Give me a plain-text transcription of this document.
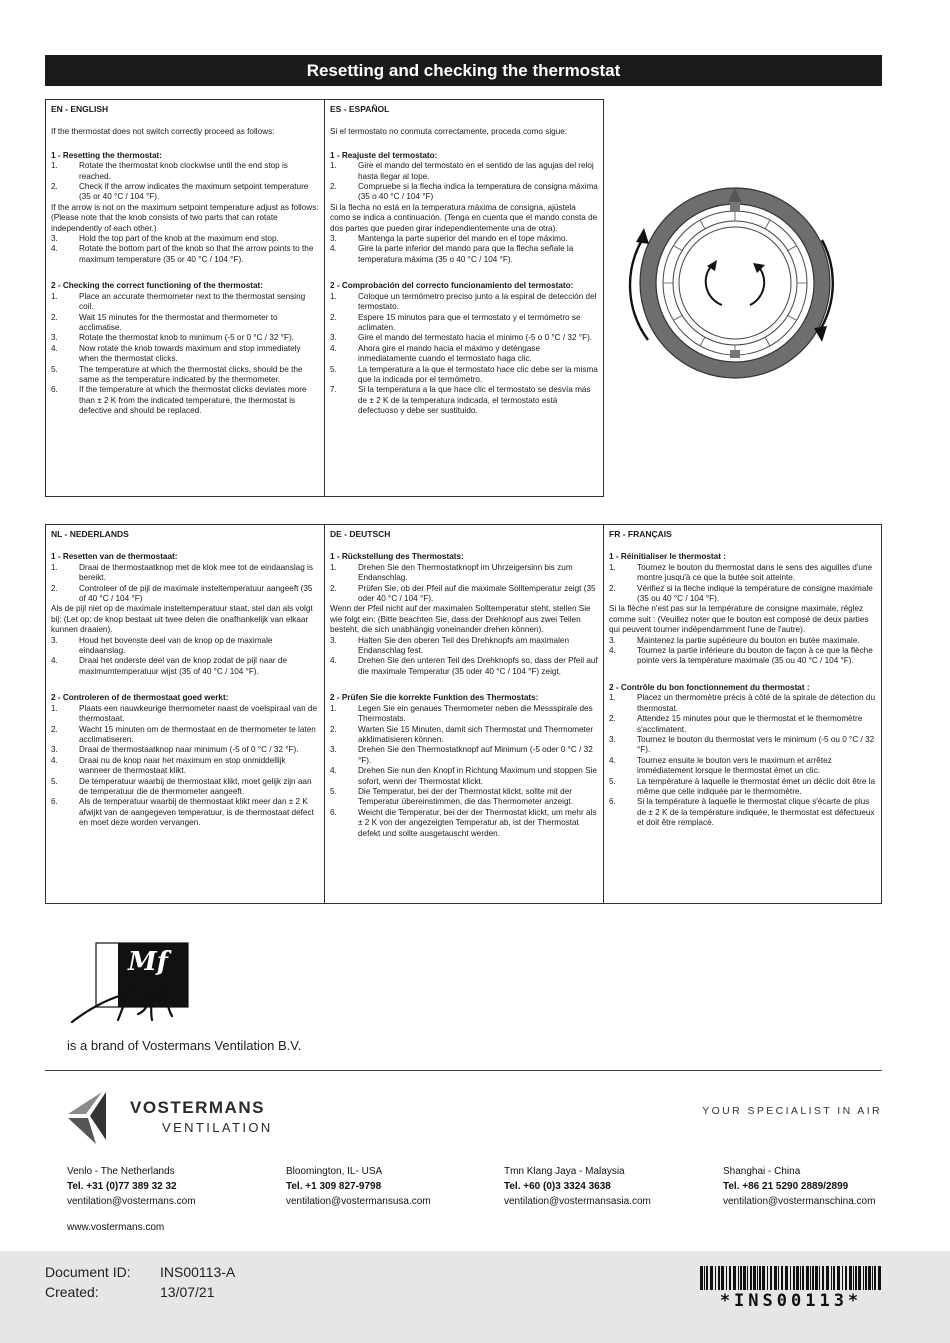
Resetting and checking the thermostat
EN - ENGLISH
If the thermostat does not switch correctly proceed as follows:
1 - Resetting the thermostat:
1.	Rotate the thermostat knob clockwise until the end stop is reached.
2.	Check if the arrow indicates the maximum setpoint temperature (35 or 40 °C / 104 °F).

If the arrow is not on the maximum setpoint temperature adjust as follows: (Please note that the knob consists of two parts that can rotate independently of each other.)

3.	Hold the top part of the knob at the maximum end stop.
4.	Rotate the bottom part of the knob so that the arrow points to the maximum temperature (35 or 40 °C / 104 °F).
2 - Checking the correct functioning of the thermostat:
1.	Place an accurate thermometer next to the thermostat sensing coil.
2.	Wait 15 minutes for the thermostat and thermometer to acclimatise.
3.	Rotate the thermostat knob to minimum (-5 or 0 °C / 32 °F).
4.	Now rotate the knob towards maximum and stop immediately when the thermostat clicks.
5.	The temperature at which the thermostat clicks, should be the same as the temperature indicated by the thermometer.
6.	If the temperature at which the thermostat clicks deviates more than ± 2 K from the indicated temperature, the thermostat is defective and should be replaced.
ES - ESPAÑOL
Si el termostato no conmuta correctamente, proceda como sigue:
1 - Reajuste del termostato:
1.	Gire el mando del termostato en el sentido de las agujas del reloj hasta llegar al tope.
2.	Compruebe si la flecha indica la temperatura de consigna máxima (35 o 40 °C / 104 °F)

Si la flecha no está en la temperatura máxima de consigna, ajústela como se indica a continuación. (Tenga en cuenta que el mando consta de dos partes que pueden girar independientemente una de otra).

3.	Mantenga la parte superior del mando en el tope máximo.
4.	Gire la parte inferior del mando para que la flecha señale la temperatura máxima (35 o 40 °C / 104 °F).
2 - Comprobación del correcto funcionamiento del termostato:
1.	Coloque un termómetro preciso junto a la espiral de detección del termostato.
2.	Espere 15 minutos para que el termostato y el termómetro se aclimaten.
3.	Gire el mando del termostato hacia el mínimo (-5 o 0 °C / 32 °F).
4.	Ahora gire el mando hacia el máximo y deténgase inmediatamente cuando el termostato haga clic.
5.	La temperatura a la que el termostato hace clic debe ser la misma que la indicada por el termómetro.
7.	Si la temperatura a la que hace clic el termostato se desvía más de ± 2 K de la temperatura indicada, el termostato está defectuoso y debe ser sustituido.
NL - NEDERLANDS
1 - Resetten van de thermostaat:
1.	Draai de thermostaatknop met de klok mee tot de eindaanslag is bereikt.
2.	Controleer of de pijl de maximale insteltemperatuur aangeeft (35 of 40 °C / 104 °F)

Als de pijl niet op de maximale insteltemperatuur staat, stel dan als volgt bij: (Let op: de knop bestaat uit twee delen die onafhankelijk van elkaar kunnen draaien).

3.	Houd het bovenste deel van de knop op de maximale eindaanslag.
4.	Draai het onderste deel van de knop zodat de pijl naar de maximumtemperatuur wijst (35 of 40 °C / 104 °F).
2 - Controleren of de thermostaat goed werkt:
1.	Plaats een nauwkeurige thermometer naast de voelspiraal van de thermostaat.
2.	Wacht 15 minuten om de thermostaat en de thermometer te laten acclimatiseren.
3.	Draai de thermostaatknop naar minimum (-5 of 0 °C / 32 °F).
4.	Draai nu de knop naar het maximum en stop onmiddellijk wanneer de thermostaat klikt.
5.	De temperatuur waarbij de thermostaat klikt, moet gelijk zijn aan de temperatuur die de thermometer aangeeft.
6.	Als de temperatuur waarbij de thermostaat klikt meer dan ± 2 K afwijkt van de aangegeven temperatuur, is de thermostaat defect en moet deze worden vervangen.
DE - DEUTSCH
1 - Rückstellung des Thermostats:
1.	Drehen Sie den Thermostatknopf im Uhrzeigersinn bis zum Endanschlag.
2.	Prüfen Sie, ob der Pfeil auf die maximale Solltemperatur zeigt (35 oder 40 °C / 104 °F).

Wenn der Pfeil nicht auf der maximalen Solltemperatur steht, stellen Sie wie folgt ein: (Bitte beachten Sie, dass der Drehknopf aus zwei Teilen besteht, die sich unabhängig voneinander drehen können).

3.	Halten Sie den oberen Teil des Drehknopfs am maximalen Endanschlag fest.
4.	Drehen Sie den unteren Teil des Drehknopfs so, dass der Pfeil auf die maximale Temperatur (35 oder 40 °C / 104 °F) zeigt.
2 - Prüfen Sie die korrekte Funktion des Thermostats:
1.	Legen Sie ein genaues Thermometer neben die Messspirale des Thermostats.
2.	Warten Sie 15 Minuten, damit sich Thermostat und Thermometer akklimatisieren können.
3.	Drehen Sie den Thermostatknopf auf Minimum (-5 oder 0 °C / 32 °F).
4.	Drehen Sie nun den Knopf in Richtung Maximum und stoppen Sie sofort, wenn der Thermostat klickt.
5.	Die Temperatur, bei der der Thermostat klickt, sollte mit der Temperatur übereinstimmen, die das Thermometer anzeigt.
6.	Weicht die Temperatur, bei der der Thermostat klickt, um mehr als ± 2 K von der angezeigten Temperatur ab, ist der Thermostat defekt und sollte ausgetauscht werden.
FR - FRANÇAIS
1 - Réinitialiser le thermostat :
1.	Tournez le bouton du thermostat dans le sens des aiguilles d'une montre jusqu'à ce que la butée soit atteinte.
2.	Vérifiez si la flèche indique la température de consigne maximale (35 ou 40 °C / 104 °F).

Si la flèche n'est pas sur la température de consigne maximale, réglez comme suit : (Veuillez noter que le bouton est composé de deux parties qui peuvent tourner indépendamment l'une de l'autre).

3.	Maintenez la partie supérieure du bouton en butée maximale.
4.	Tournez la partie inférieure du bouton de façon à ce que la flèche pointe vers la température maximale (35 ou 40 °C / 104 °F).
2 - Contrôle du bon fonctionnement du thermostat :
1.	Placez un thermomètre précis à côté de la spirale de détection du thermostat.
2.	Attendez 15 minutes pour que le thermostat et le thermomètre s'acclimatent.
3.	Tournez le bouton du thermostat vers le minimum (-5 ou 0 °C / 32 °F).
4.	Tournez ensuite le bouton vers le maximum et arrêtez immédiatement lorsque le thermostat émet un clic.
5.	La température à laquelle le thermostat émet un déclic doit être la même que celle indiquée par le thermomètre.
6.	Si la température à laquelle le thermostat clique s'écarte de plus de ± 2 K de la température indiquée, le thermostat est défectueux et doit être remplacé.
Mf
is a brand of Vostermans Ventilation B.V.
VOSTERMANS
VENTILATION
YOUR SPECIALIST IN AIR
Venlo - The Netherlands
Tel. +31 (0)77 389 32 32
ventilation@vostermans.com
Bloomington, IL- USA
Tel. +1 309 827-9798
ventilation@vostermansusa.com
Tmn Klang Jaya - Malaysia
Tel. +60 (0)3 3324 3638
ventilation@vostermansasia.com
Shanghai - China
Tel. +86 21 5290 2889/2899
ventilation@vostermanschina.com
www.vostermans.com
Document ID: INS00113-A
Created:	13/07/21	*INS00113*
